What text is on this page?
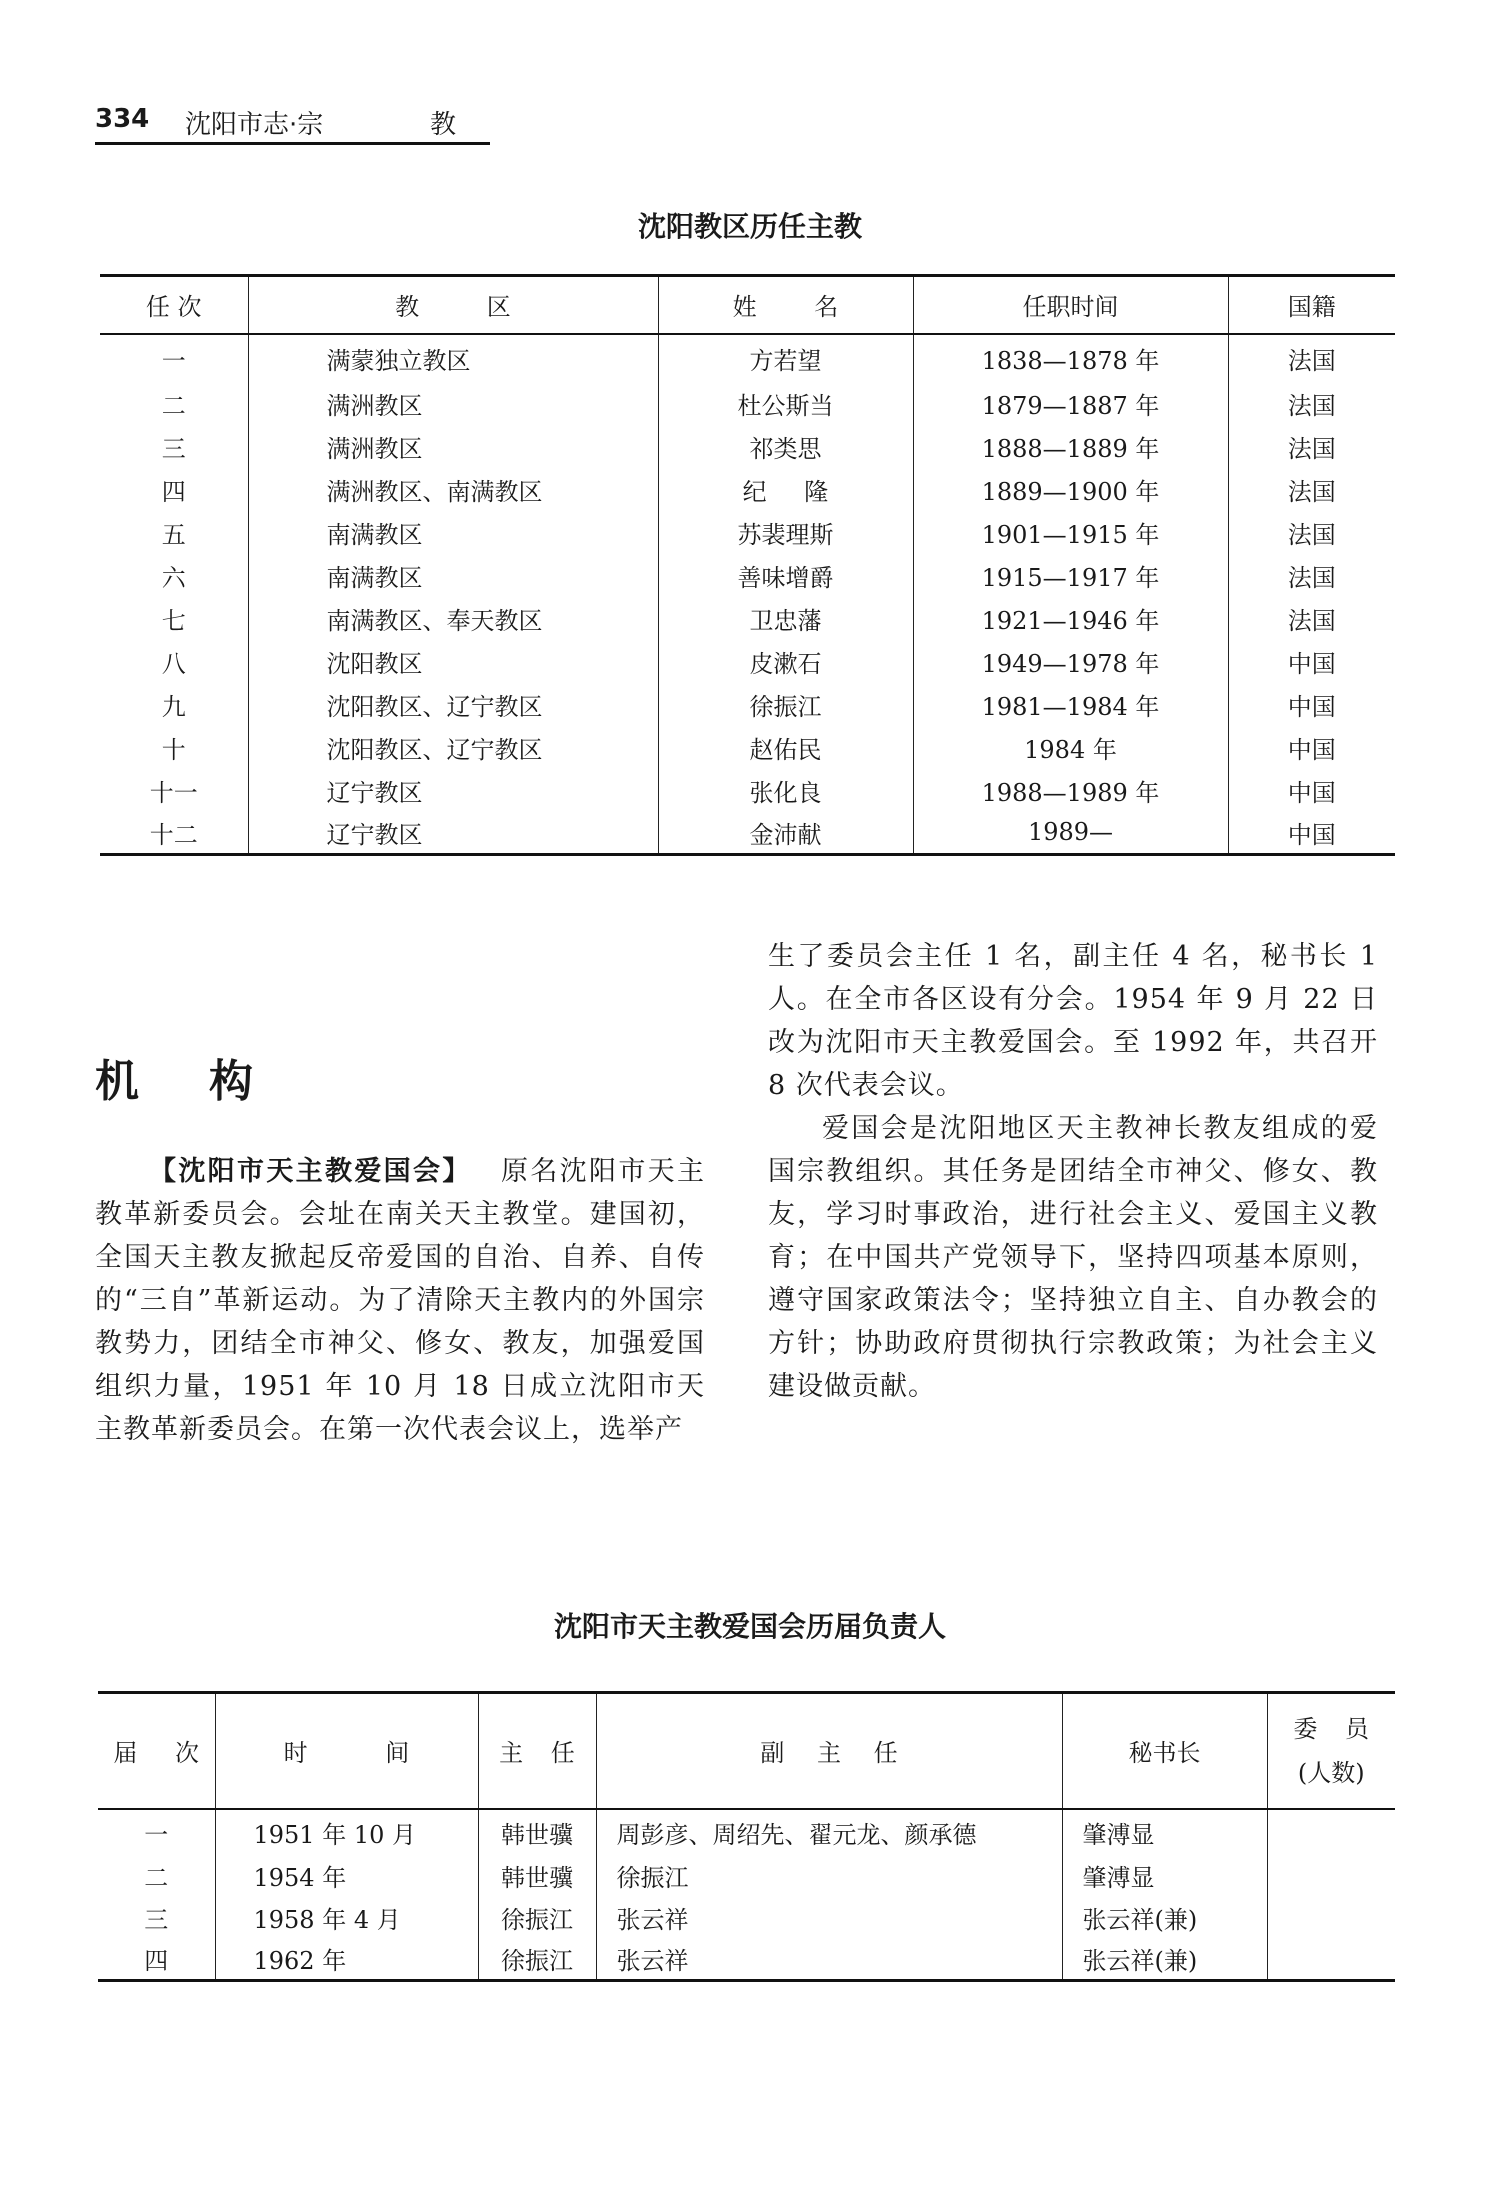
334 沈阳市志·宗	教
沈阳教区历任主教
任 次	教 区	姓 名	任职时间	国籍
一	满蒙独立教区	方若望	1838—1878 年	法国
二	满洲教区	杜公斯当	1879—1887 年	法国
三	满洲教区	祁类思	1888—1889 年	法国
四	满洲教区、南满教区	纪 隆	1889—1900 年	法国
五	南满教区	苏裴理斯	1901—1915 年	法国
六	南满教区	善味增爵	1915—1917 年	法国
七	南满教区、奉天教区	卫忠藩	1921—1946 年	法国
八	沈阳教区	皮漱石	1949—1978 年	中国
九	沈阳教区、辽宁教区	徐振江	1981—1984 年	中国
十	沈阳教区、辽宁教区	赵佑民	1984 年	中国
十一	辽宁教区	张化良	1988—1989 年	中国
十二	辽宁教区	金沛献	1989—	中国
机构

【沈阳市天主教爱国会】  原名沈阳市天主教革新委员会。会址在南关天主教堂。建国初，全国天主教友掀起反帝爱国的自治、自养、自传的“三自”革新运动。为了清除天主教内的外国宗教势力，团结全市神父、修女、教友，加强爱国组织力量，1951 年 10 月 18 日成立沈阳市天主教革新委员会。在第一次代表会议上，选举产

生了委员会主任 1 名，副主任 4 名，秘书长 1 人。在全市各区设有分会。1954 年 9 月 22 日改为沈阳市天主教爱国会。至 1992 年，共召开 8 次代表会议。

爱国会是沈阳地区天主教神长教友组成的爱国宗教组织。其任务是团结全市神父、修女、教友，学习时事政治，进行社会主义、爱国主义教育；在中国共产党领导下，坚持四项基本原则，遵守国家政策法令；坚持独立自主、自办教会的方针；协助政府贯彻执行宗教政策；为社会主义建设做贡献。

沈阳市天主教爱国会历届负责人
届 次	时 间	主 任	副 主 任	秘书长	委 员
(人数)

一	1951 年 10 月	韩世骥	周彭彦、周绍先、翟元龙、颜承德	肇溥显	
二	1954 年	韩世骥	徐振江	肇溥显	
三	1958 年 4 月	徐振江	张云祥	张云祥(兼)	
四	1962 年	徐振江	张云祥	张云祥(兼)	
